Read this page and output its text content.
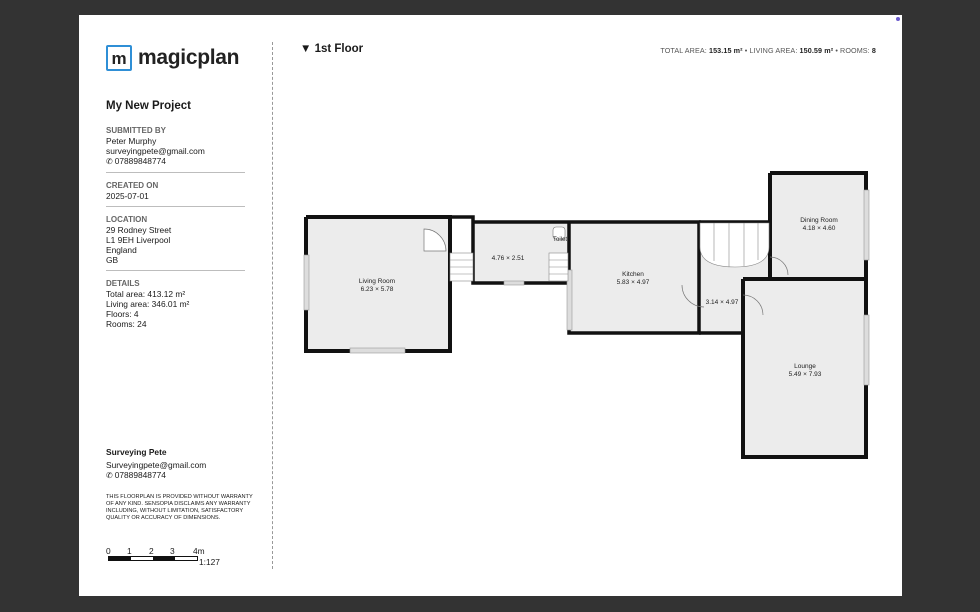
m magicplan
My New Project
SUBMITTED BY
Peter Murphy
surveyingpete@gmail.com
✆ 07889848774
CREATED ON
2025-07-01
LOCATION
29 Rodney Street
L1 9EH Liverpool
England
GB
DETAILS
Total area: 413.12 m²
Living area: 346.01 m²
Floors: 4
Rooms: 24
Surveying Pete
Surveyingpete@gmail.com
✆ 07889848774
THIS FLOORPLAN IS PROVIDED WITHOUT WARRANTY OF ANY KIND. SENSOPIA DISCLAIMS ANY WARRANTY INCLUDING, WITHOUT LIMITATION, SATISFACTORY QUALITY OR ACCURACY OF DIMENSIONS.
0 1 2 3 4m
1:127
▼ 1st Floor	TOTAL AREA: 153.15 m² • LIVING AREA: 150.59 m² • ROOMS: 8
Living Room
6.23 × 5.78
4.76 × 2.51
Toilet
Kitchen
5.83 × 4.97
3.14 × 4.97
Dining Room
4.18 × 4.60
Lounge
5.49 × 7.93
